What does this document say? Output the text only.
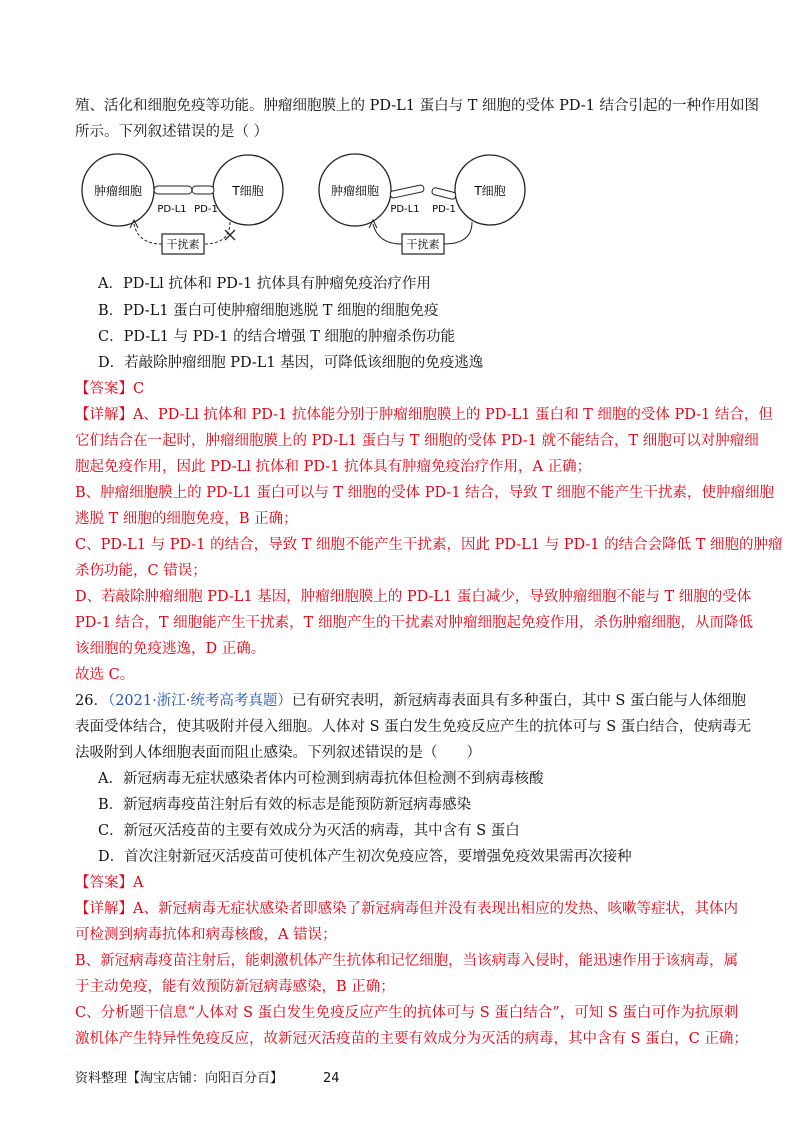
殖、活化和细胞免疫等功能。肿瘤细胞膜上的 PD-L1 蛋白与 T 细胞的受体 PD-1 结合引起的一种作用如图
所示。下列叙述错误的是（ ）
肿瘤细胞	T细胞
PD-L1 PD-1
干扰素
肿瘤细胞	T细胞
PD-L1 PD-1
干扰素
A．PD-Ll 抗体和 PD-1 抗体具有肿瘤免疫治疗作用
B．PD-L1 蛋白可使肿瘤细胞逃脱 T 细胞的细胞免疫
C．PD-L1 与 PD-1 的结合增强 T 细胞的肿瘤杀伤功能
D．若敲除肿瘤细胞 PD-L1 基因，可降低该细胞的免疫逃逸
【答案】C
【详解】A、PD-Ll 抗体和 PD-1 抗体能分别于肿瘤细胞膜上的 PD-L1 蛋白和 T 细胞的受体 PD-1 结合，但
它们结合在一起时，肿瘤细胞膜上的 PD-L1 蛋白与 T 细胞的受体 PD-1 就不能结合，T 细胞可以对肿瘤细
胞起免疫作用，因此 PD-Ll 抗体和 PD-1 抗体具有肿瘤免疫治疗作用，A 正确；
B、肿瘤细胞膜上的 PD-L1 蛋白可以与 T 细胞的受体 PD-1 结合，导致 T 细胞不能产生干扰素，使肿瘤细胞
逃脱 T 细胞的细胞免疫，B 正确；
C、PD-L1 与 PD-1 的结合，导致 T 细胞不能产生干扰素，因此 PD-L1 与 PD-1 的结合会降低 T 细胞的肿瘤
杀伤功能，C 错误；
D、若敲除肿瘤细胞 PD-L1 基因，肿瘤细胞膜上的 PD-L1 蛋白减少，导致肿瘤细胞不能与 T 细胞的受体
PD-1 结合，T 细胞能产生干扰素，T 细胞产生的干扰素对肿瘤细胞起免疫作用，杀伤肿瘤细胞，从而降低
该细胞的免疫逃逸，D 正确。
故选 C。
26．（2021·浙江·统考高考真题）已有研究表明，新冠病毒表面具有多种蛋白，其中 S 蛋白能与人体细胞
表面受体结合，使其吸附并侵入细胞。人体对 S 蛋白发生免疫反应产生的抗体可与 S 蛋白结合，使病毒无
法吸附到人体细胞表面而阻止感染。下列叙述错误的是（　　）
A．新冠病毒无症状感染者体内可检测到病毒抗体但检测不到病毒核酸
B．新冠病毒疫苗注射后有效的标志是能预防新冠病毒感染
C．新冠灭活疫苗的主要有效成分为灭活的病毒，其中含有 S 蛋白
D．首次注射新冠灭活疫苗可使机体产生初次免疫应答，要增强免疫效果需再次接种
【答案】A
【详解】A、新冠病毒无症状感染者即感染了新冠病毒但并没有表现出相应的发热、咳嗽等症状，其体内
可检测到病毒抗体和病毒核酸，A 错误；
B、新冠病毒疫苗注射后，能刺激机体产生抗体和记忆细胞，当该病毒入侵时，能迅速作用于该病毒，属
于主动免疫，能有效预防新冠病毒感染，B 正确；
C、分析题干信息“人体对 S 蛋白发生免疫反应产生的抗体可与 S 蛋白结合”，可知 S 蛋白可作为抗原刺
激机体产生特异性免疫反应，故新冠灭活疫苗的主要有效成分为灭活的病毒，其中含有 S 蛋白，C 正确；
资料整理【淘宝店铺：向阳百分百】	24
